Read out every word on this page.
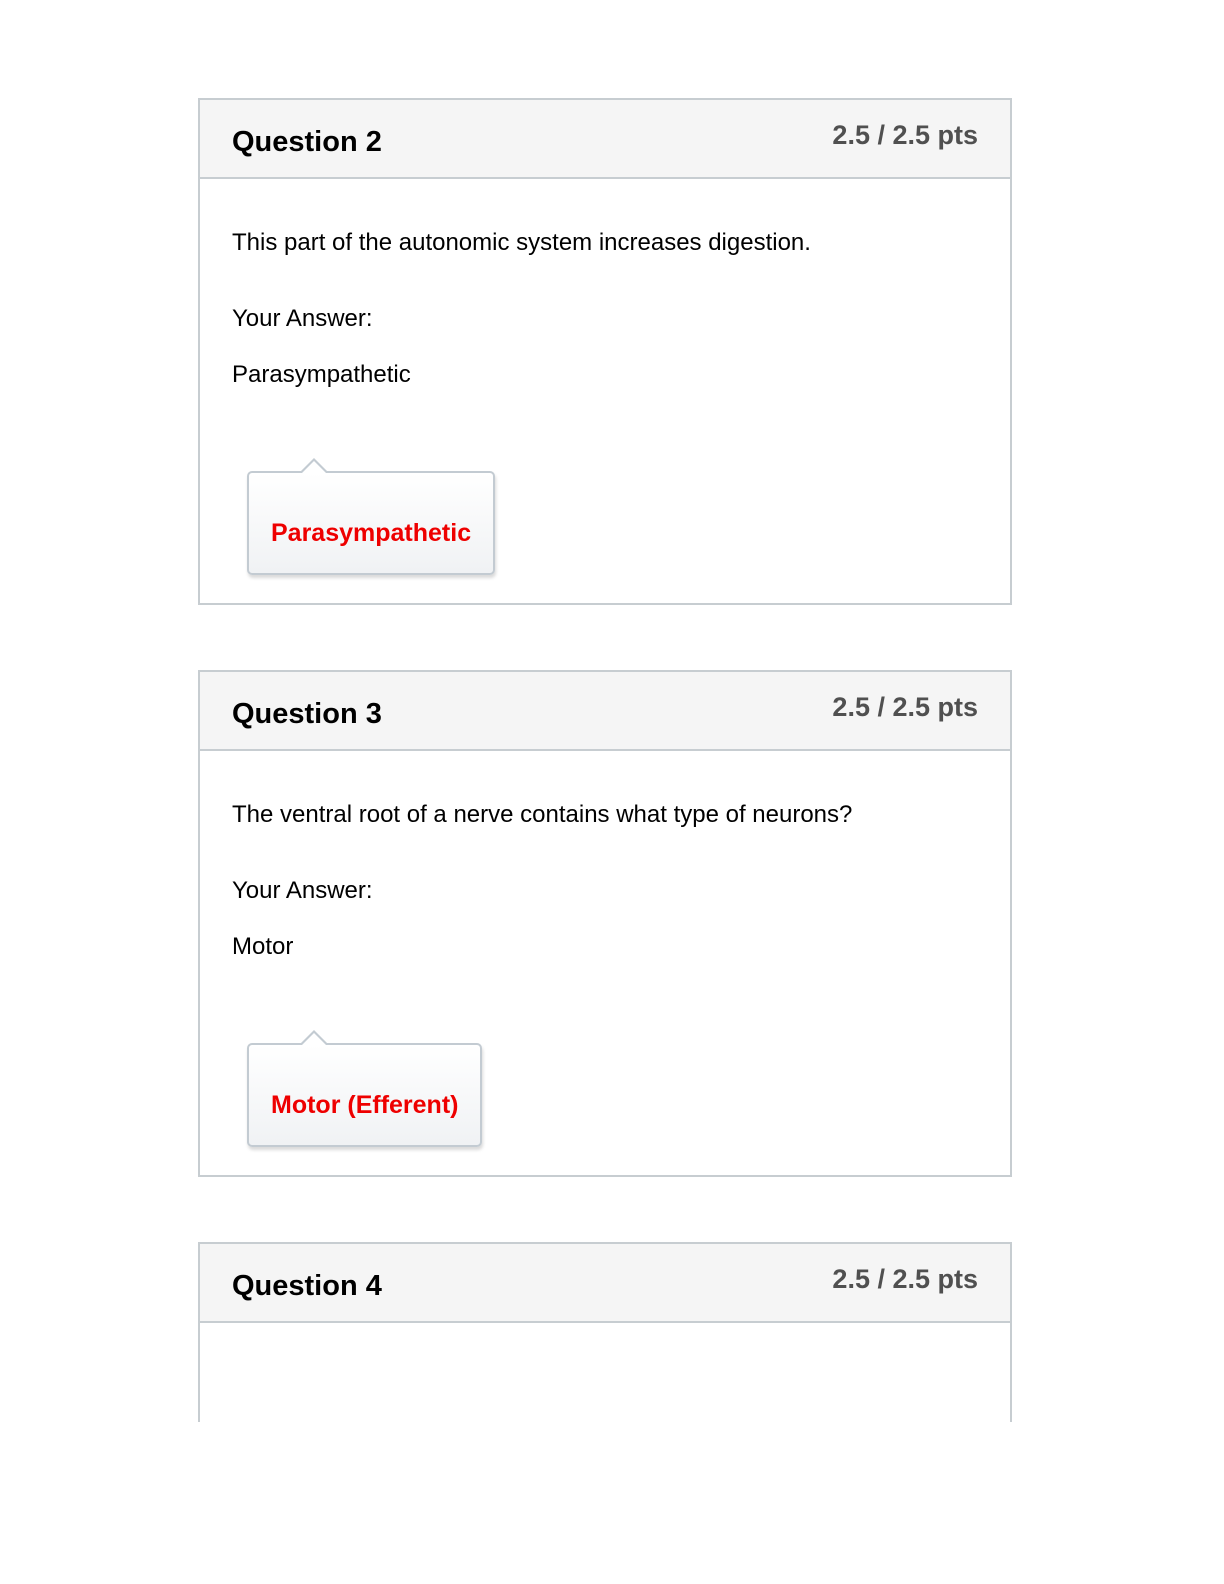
Question 2	2.5 / 2.5 pts
This part of the autonomic system increases digestion.
Your Answer:
Parasympathetic
Parasympathetic
Question 3	2.5 / 2.5 pts
The ventral root of a nerve contains what type of neurons?
Your Answer:
Motor
Motor (Efferent)
Question 4	2.5 / 2.5 pts
